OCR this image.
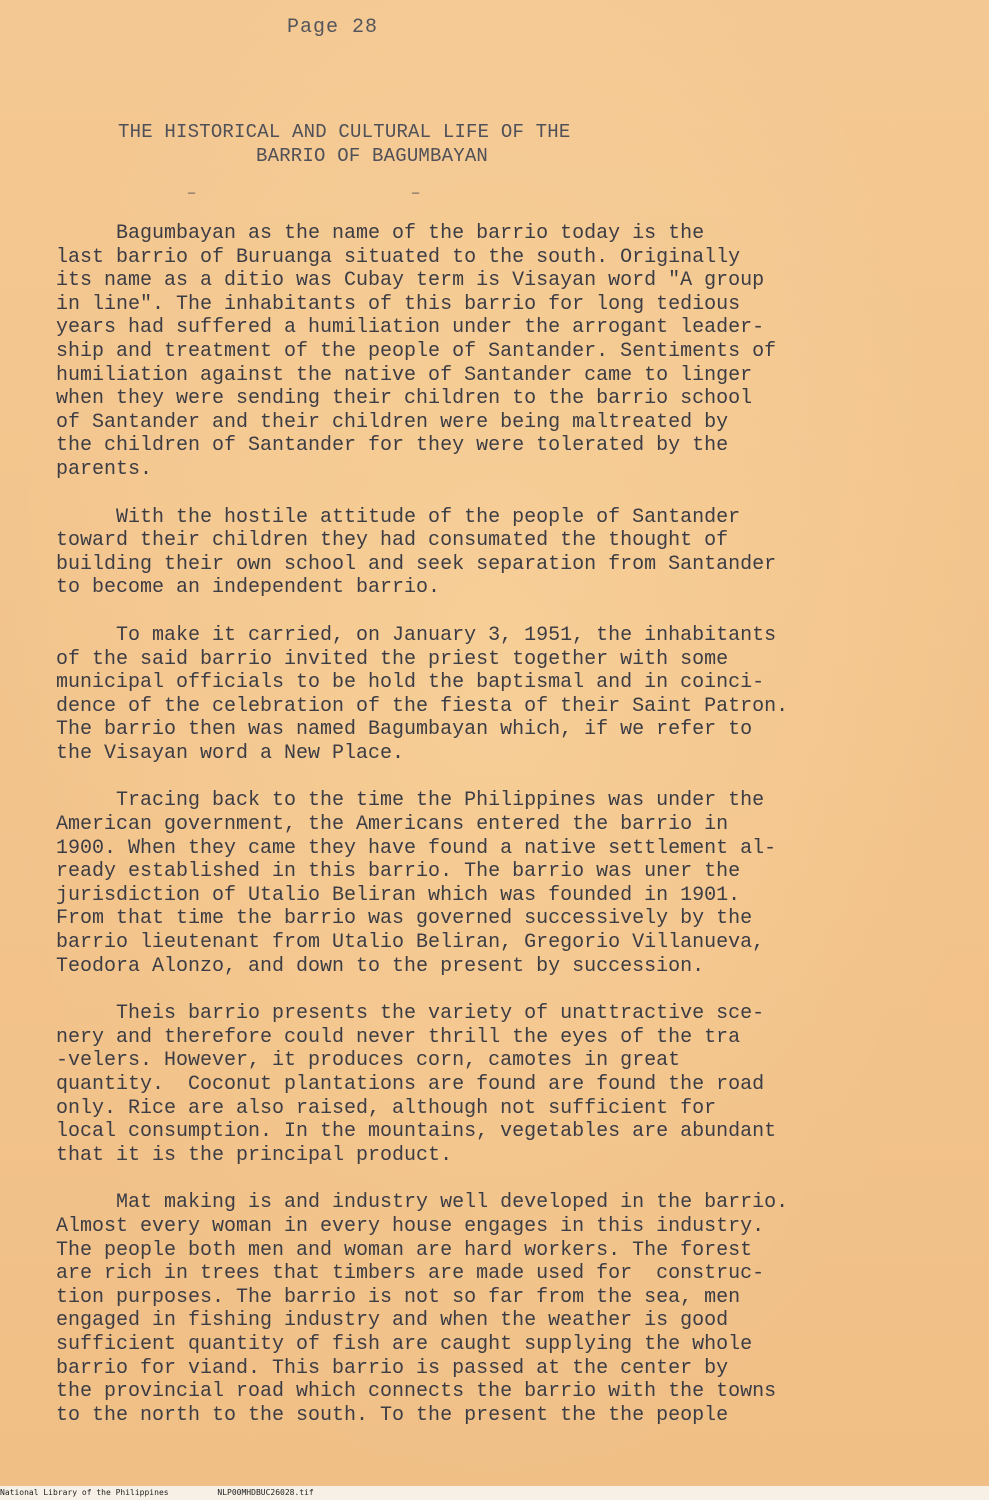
Page 28
THE HISTORICAL AND CULTURAL LIFE OF THE
BARRIO OF BAGUMBAYAN
—	—
Bagumbayan as the name of the barrio today is the
last barrio of Buruanga situated to the south. Originally
its name as a ditio was Cubay term is Visayan word "A group
in line". The inhabitants of this barrio for long tedious
years had suffered a humiliation under the arrogant leader-
ship and treatment of the people of Santander. Sentiments of
humiliation against the native of Santander came to linger
when they were sending their children to the barrio school
of Santander and their children were being maltreated by
the children of Santander for they were tolerated by the
parents.
With the hostile attitude of the people of Santander
toward their children they had consumated the thought of
building their own school and seek separation from Santander
to become an independent barrio.
To make it carried, on January 3, 1951, the inhabitants
of the said barrio invited the priest together with some
municipal officials to be hold the baptismal and in coinci-
dence of the celebration of the fiesta of their Saint Patron.
The barrio then was named Bagumbayan which, if we refer to
the Visayan word a New Place.
Tracing back to the time the Philippines was under the
American government, the Americans entered the barrio in
1900. When they came they have found a native settlement al-
ready established in this barrio. The barrio was uner the
jurisdiction of Utalio Beliran which was founded in 1901.
From that time the barrio was governed successively by the
barrio lieutenant from Utalio Beliran, Gregorio Villanueva,
Teodora Alonzo, and down to the present by succession.
Theis barrio presents the variety of unattractive sce-
nery and therefore could never thrill the eyes of the tra
-velers. However, it produces corn, camotes in great
quantity.  Coconut plantations are found are found the road
only. Rice are also raised, although not sufficient for
local consumption. In the mountains, vegetables are abundant
that it is the principal product.
Mat making is and industry well developed in the barrio.
Almost every woman in every house engages in this industry.
The people both men and woman are hard workers. The forest
are rich in trees that timbers are made used for  construc-
tion purposes. The barrio is not so far from the sea, men
engaged in fishing industry and when the weather is good
sufficient quantity of fish are caught supplying the whole
barrio for viand. This barrio is passed at the center by
the provincial road which connects the barrio with the towns
to the north to the south. To the present the the people
National Library of the Philippines	NLP00MHDBUC26028.tif
